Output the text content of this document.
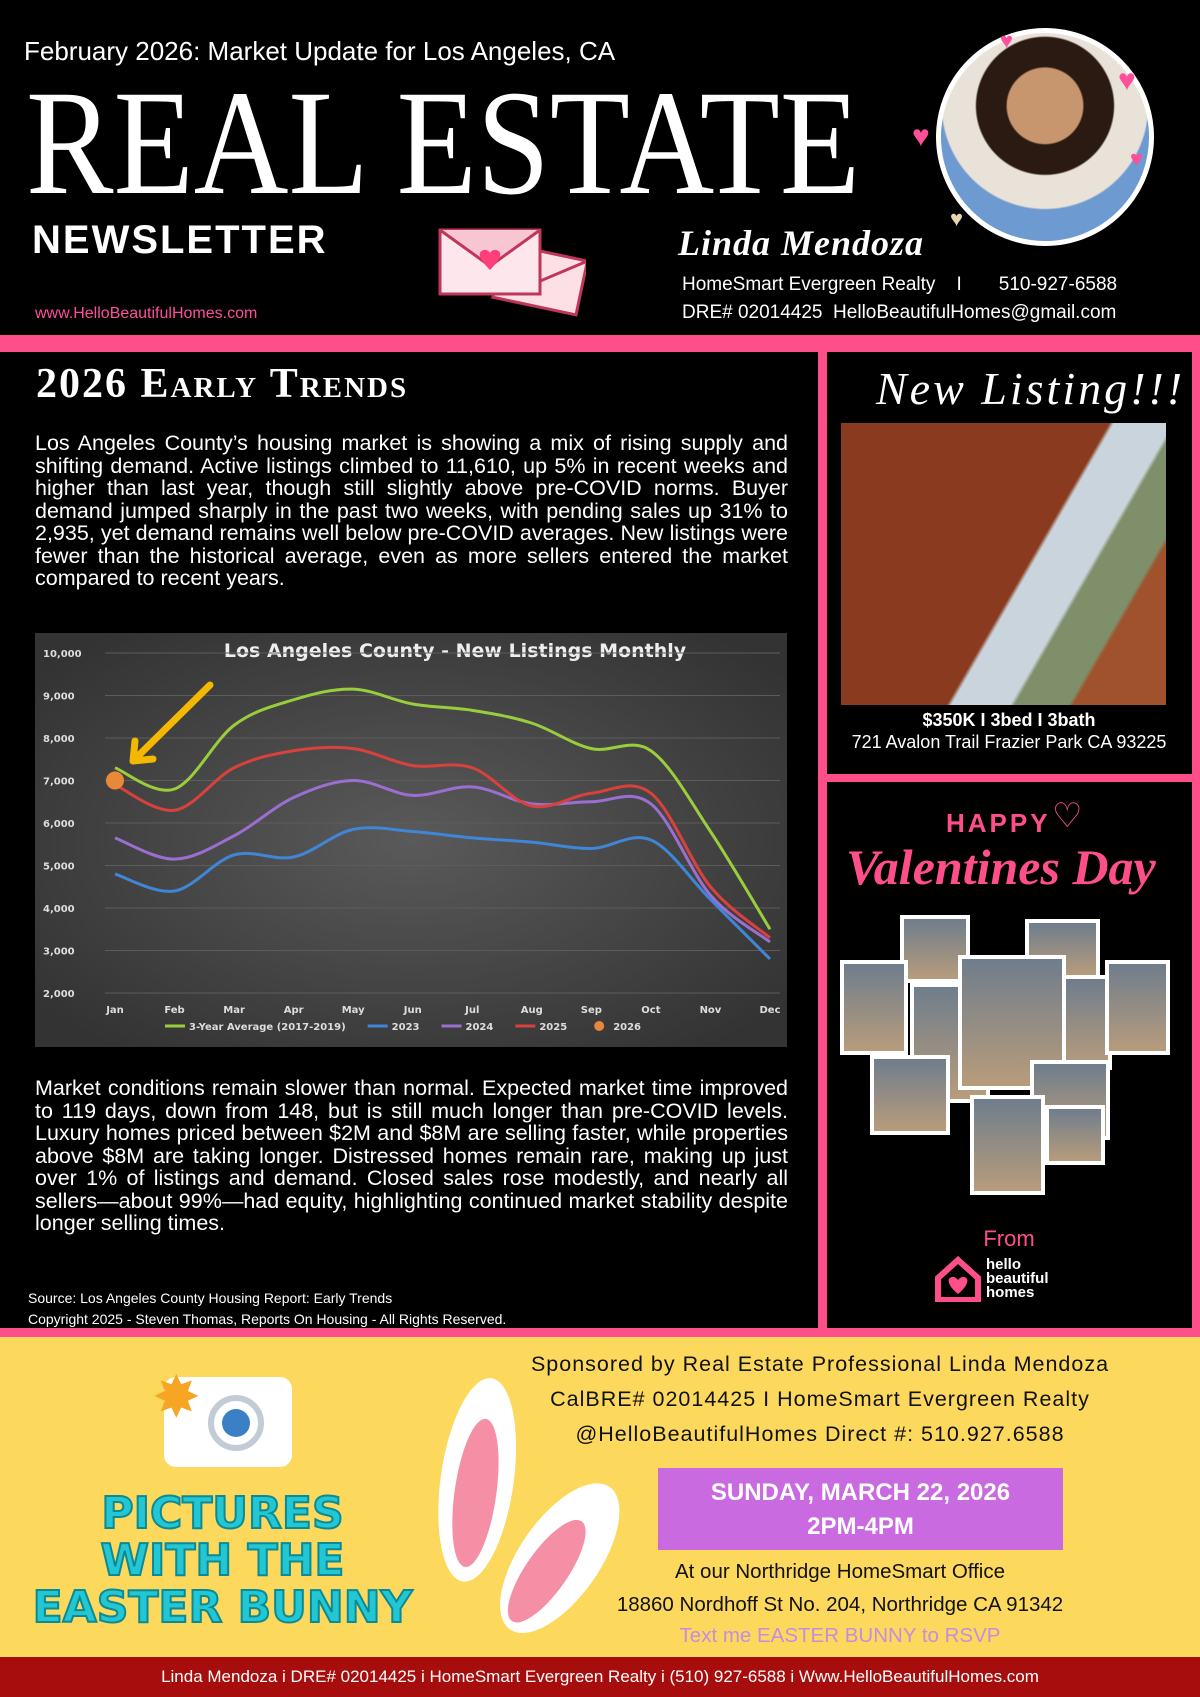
February 2026: Market Update for Los Angeles, CA
REAL ESTATE
NEWSLETTER
www.HelloBeautifulHomes.com
Linda Mendoza
♥
♥
♥
♥
♥
HomeSmart Evergreen Realty    I       510-927-6588
DRE# 02014425  HelloBeautifulHomes@gmail.com
2026 Early Trends

Los Angeles County’s housing market is showing a mix of rising supply and shifting demand. Active listings climbed to 11,610, up 5% in recent weeks and higher than last year, though still slightly above pre-COVID norms. Buyer demand jumped sharply in the past two weeks, with pending sales up 31% to 2,935, yet demand remains well below pre-COVID averages. New listings were fewer than the historical average, even as more sellers entered the market compared to recent years.

Los Angeles County - New Listings Monthly
2,000
3,000
4,000
5,000
6,000
7,000
8,000
9,000
10,000
Jan	Feb	Mar	Apr	May	Jun	Jul	Aug	Sep	Oct	Nov	Dec
3-Year Average (2017-2019)	2023	2024	2025	2026

Market conditions remain slower than normal. Expected market time improved to 119 days, down from 148, but is still much longer than pre-COVID levels. Luxury homes priced between $2M and $8M are selling faster, while properties above $8M are taking longer. Distressed homes remain rare, making up just over 1% of listings and demand. Closed sales rose modestly, and nearly all sellers—about 99%—had equity, highlighting continued market stability despite longer selling times.

Source: Los Angeles County Housing Report: Early Trends
Copyright 2025 - Steven Thomas, Reports On Housing - All Rights Reserved.
New Listing!!!
$350K I 3bed I 3bath
721 Avalon Trail Frazier Park CA 93225
HAPPY ♡
Valentines Day
From
hello
beautiful
homes
✸
PICTURES
WITH THE
EASTER BUNNY
Sponsored by Real Estate Professional Linda Mendoza
CalBRE# 02014425 I HomeSmart Evergreen Realty
@HelloBeautifulHomes Direct #: 510.927.6588
SUNDAY, MARCH 22, 2026
2PM-4PM
At our Northridge HomeSmart Office
18860 Nordhoff St No. 204, Northridge CA 91342
Text me EASTER BUNNY to RSVP
Linda Mendoza i DRE# 02014425 i HomeSmart Evergreen Realty i (510) 927-6588 i Www.HelloBeautifulHomes.com
